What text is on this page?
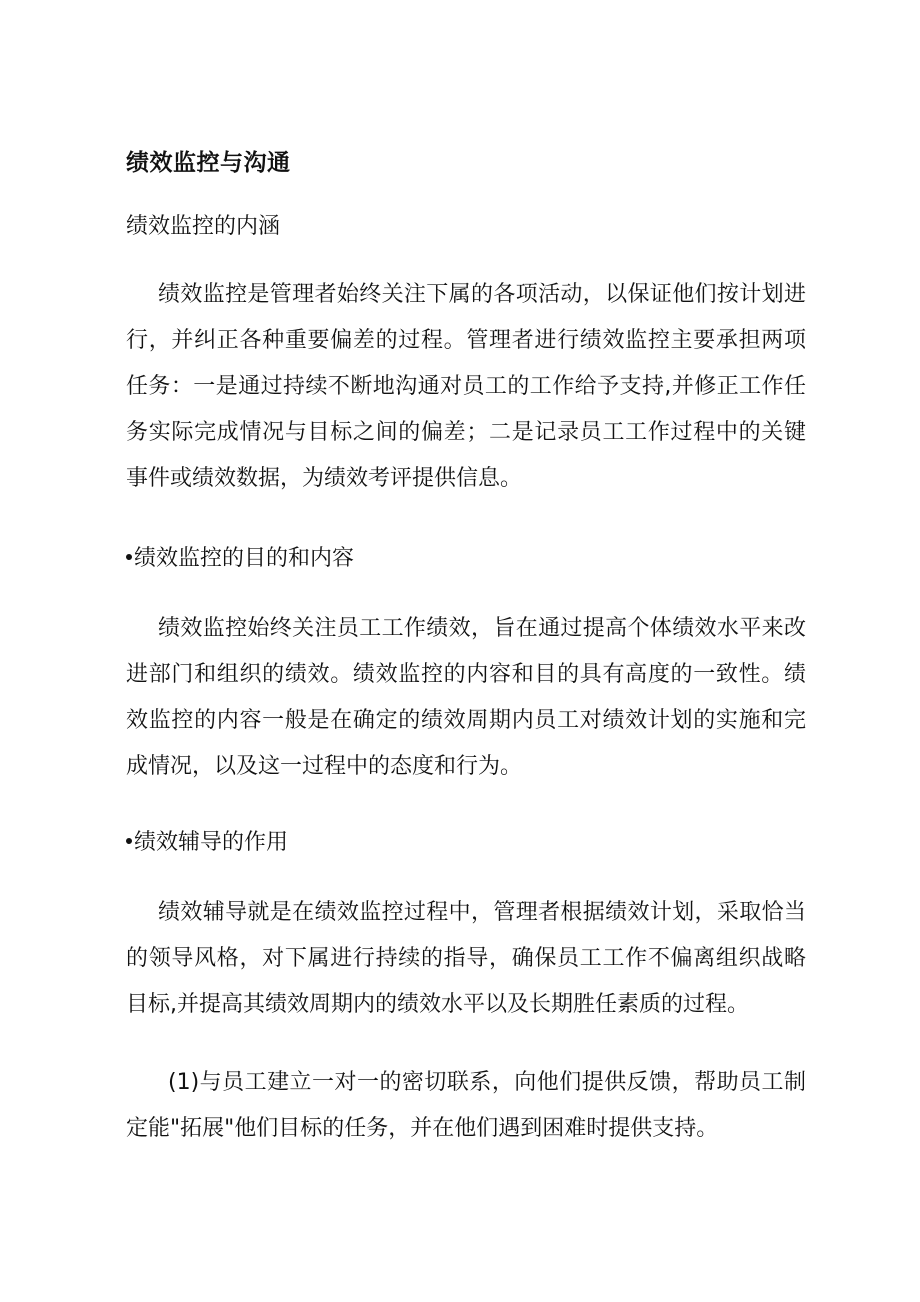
绩效监控与沟通
绩效监控的内涵
绩效监控是管理者始终关注下属的各项活动，以保证他们按计划进行，并纠正各种重要偏差的过程。管理者进行绩效监控主要承担两项任务：一是通过持续不断地沟通对员工的工作给予支持,并修正工作任务实际完成情况与目标之间的偏差；二是记录员工工作过程中的关键事件或绩效数据，为绩效考评提供信息。
绩效监控的目的和内容
绩效监控始终关注员工工作绩效，旨在通过提高个体绩效水平来改进部门和组织的绩效。绩效监控的内容和目的具有高度的一致性。绩效监控的内容一般是在确定的绩效周期内员工对绩效计划的实施和完成情况，以及这一过程中的态度和行为。
绩效辅导的作用
绩效辅导就是在绩效监控过程中，管理者根据绩效计划，采取恰当的领导风格，对下属进行持续的指导，确保员工工作不偏离组织战略目标,并提高其绩效周期内的绩效水平以及长期胜任素质的过程。
(1)与员工建立一对一的密切联系，向他们提供反馈，帮助员工制定能"拓展"他们目标的任务，并在他们遇到困难时提供支持。
